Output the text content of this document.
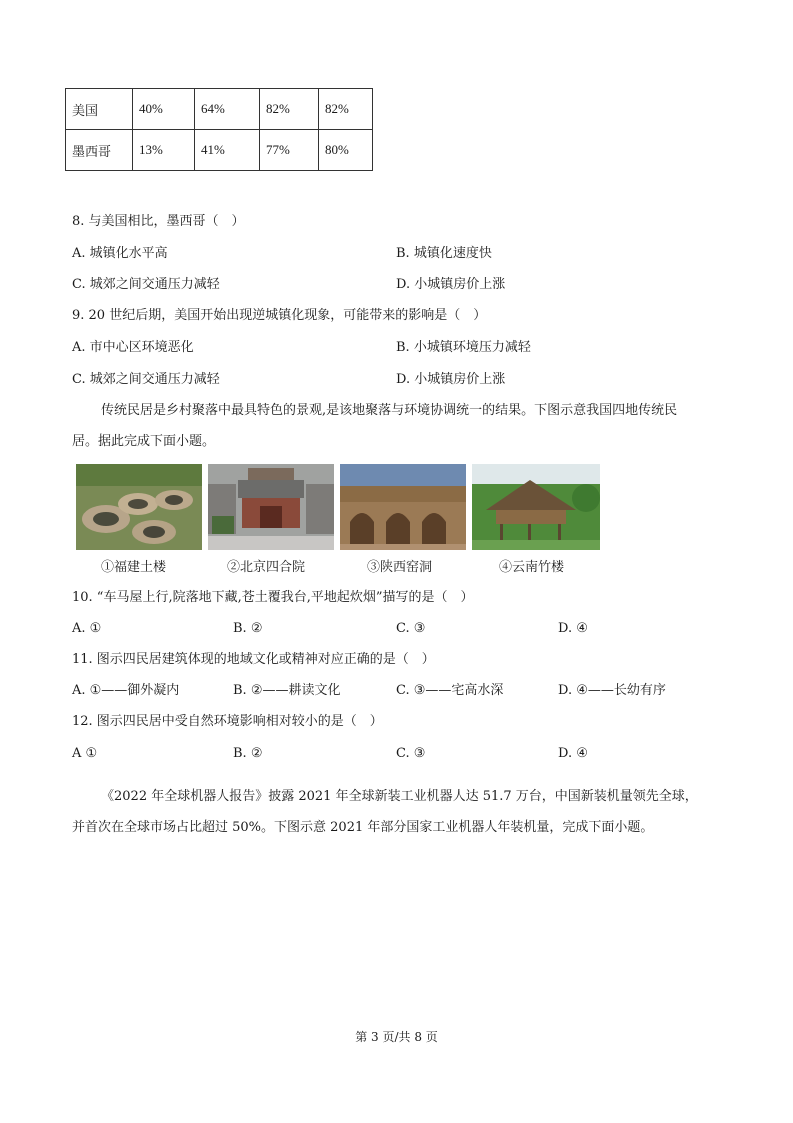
美国	40%	64%	82%	82%
墨西哥	13%	41%	77%	80%
8. 与美国相比，墨西哥（　）
A. 城镇化水平高	B. 城镇化速度快
C. 城郊之间交通压力减轻	D. 小城镇房价上涨
9. 20 世纪后期，美国开始出现逆城镇化现象，可能带来的影响是（　）
A. 市中心区环境恶化	B. 小城镇环境压力减轻
C. 城郊之间交通压力减轻	D. 小城镇房价上涨
传统民居是乡村聚落中最具特色的景观,是该地聚落与环境协调统一的结果。下图示意我国四地传统民
居。据此完成下面小题。
①福建土楼	②北京四合院	③陕西窑洞	④云南竹楼
10. “车马屋上行,院落地下藏,苍土覆我台,平地起炊烟”描写的是（　）
A. ①	B. ②	C. ③	D. ④
11. 图示四民居建筑体现的地域文化或精神对应正确的是（　）
A. ①——御外凝内	B. ②——耕读文化	C. ③——宅高水深	D. ④——长幼有序
12. 图示四民居中受自然环境影响相对较小的是（　）
A ①	B. ②	C. ③	D. ④
《2022 年全球机器人报告》披露 2021 年全球新装工业机器人达 51.7 万台，中国新装机量领先全球，
并首次在全球市场占比超过 50%。下图示意 2021 年部分国家工业机器人年装机量，完成下面小题。
第 3 页/共 8 页
